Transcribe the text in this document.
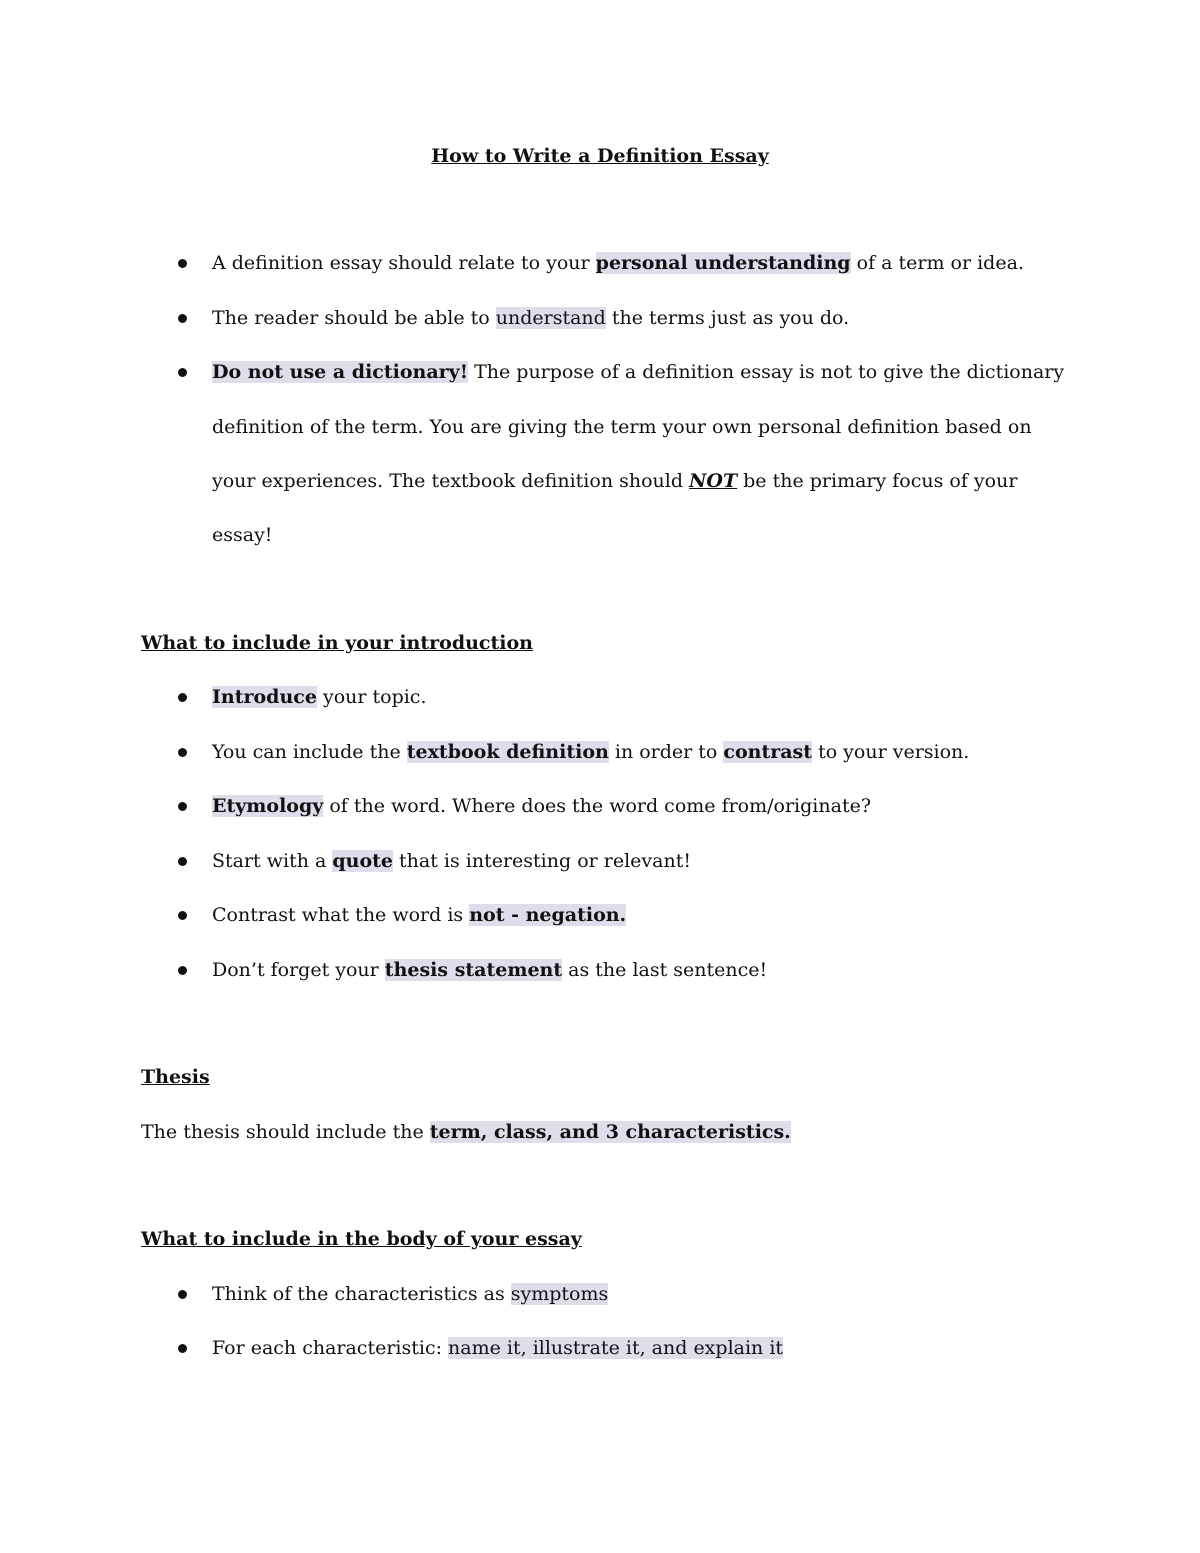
How to Write a Definition Essay

A definition essay should relate to your personal understanding of a term or idea.

The reader should be able to understand the terms just as you do.

Do not use a dictionary! The purpose of a definition essay is not to give the dictionary

definition of the term. You are giving the term your own personal definition based on

your experiences. The textbook definition should NOT be the primary focus of your

essay!

What to include in your introduction

Introduce your topic.

You can include the textbook definition in order to contrast to your version.

Etymology of the word. Where does the word come from/originate?

Start with a quote that is interesting or relevant!

Contrast what the word is not - negation.

Don’t forget your thesis statement as the last sentence!

Thesis

The thesis should include the term, class, and 3 characteristics.

What to include in the body of your essay

Think of the characteristics as symptoms

For each characteristic: name it, illustrate it, and explain it
